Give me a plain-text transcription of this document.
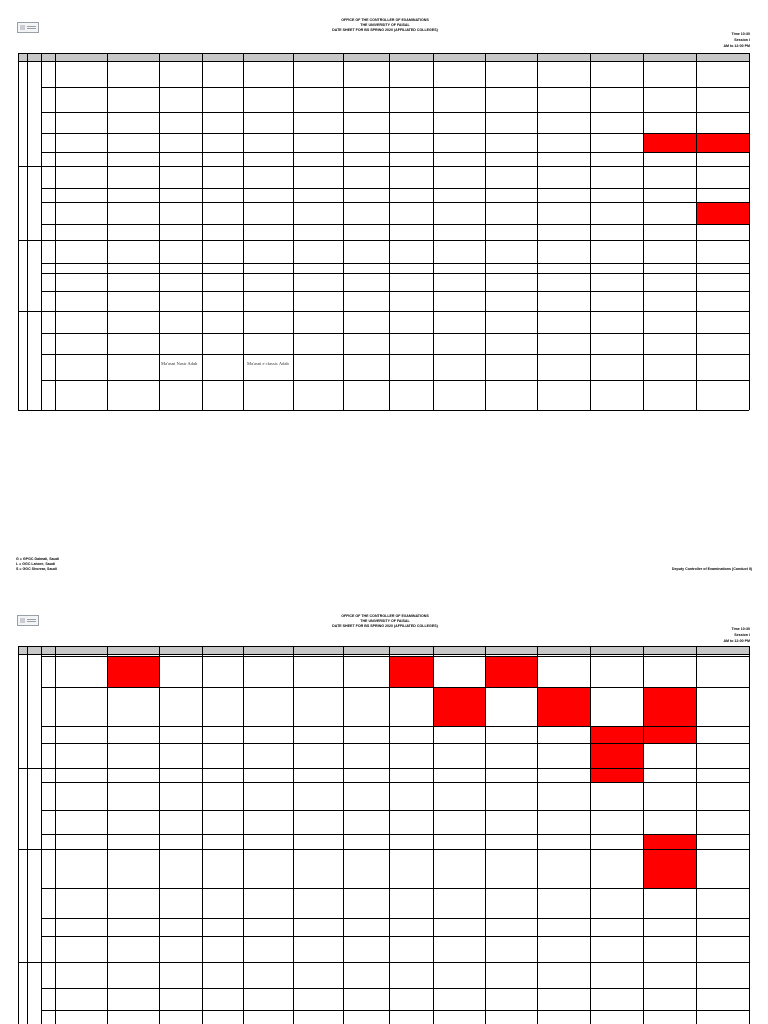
OFFICE OF THE CONTROLLER OF EXAMINATIONS
THE UNIVERSITY OF FAISAL
DATE SHEET FOR BS SPRING 2020 (AFFILIATED COLLEGES)
Time 10:30
Session I
AM to 12:00 PM
G = GPGC Dalmali, Saudi
L = GGC Lahore, Saudi
S = GGC Shorear, Saudi	Deputy Controller of Examinations (Conduct II)
OFFICE OF THE CONTROLLER OF EXAMINATIONS
THE UNIVERSITY OF FAISAL
DATE SHEET FOR BS SPRING 2020 (AFFILIATED COLLEGES)
Time 10:30
Session I
AM to 12:00 PM
Ma'asni Nasir Adab	Ma'asni e classic Adab
